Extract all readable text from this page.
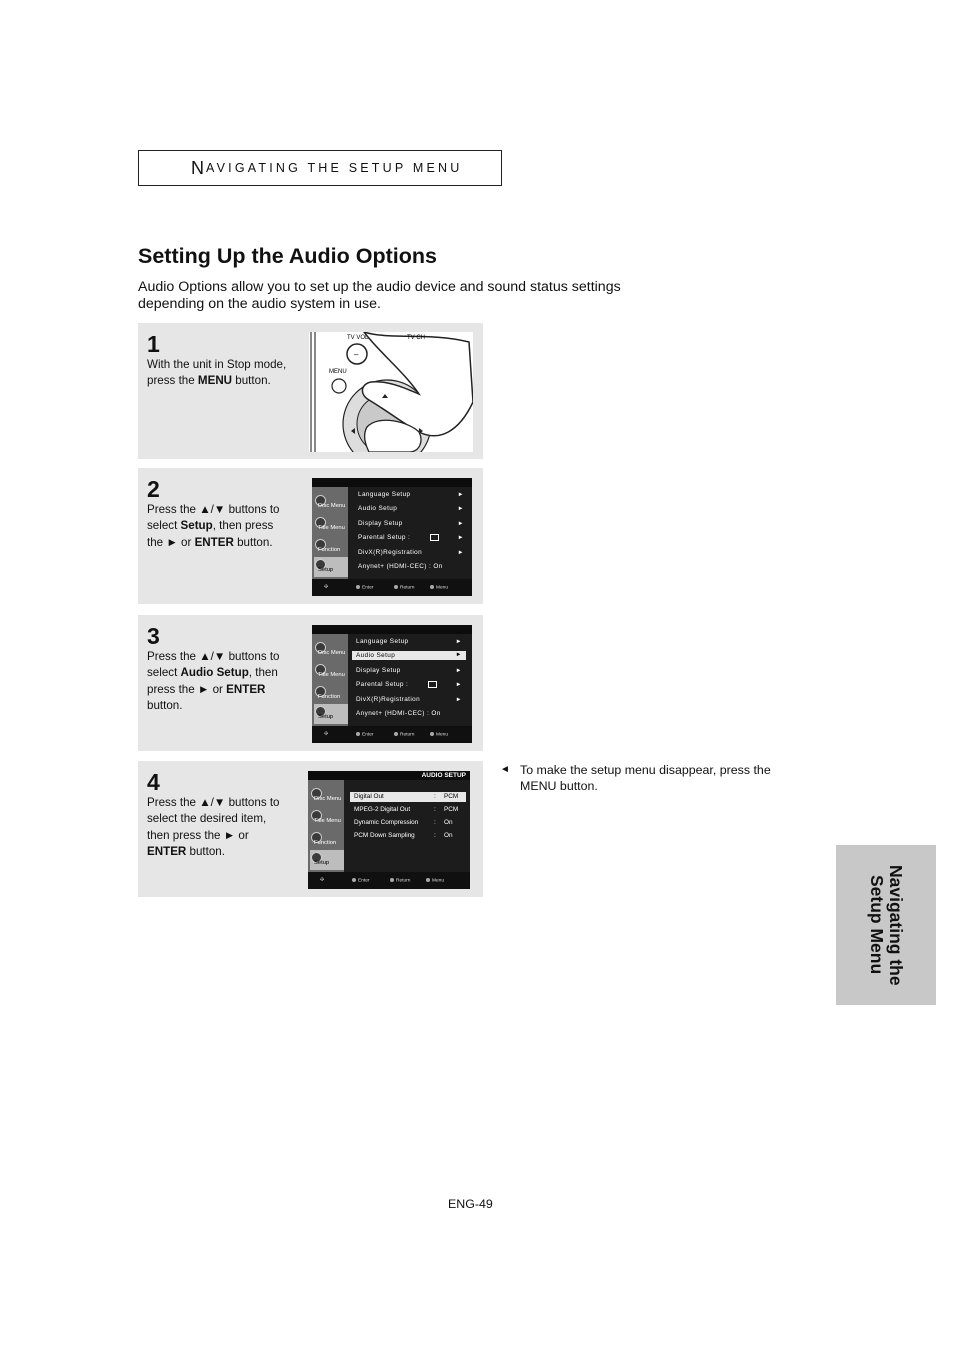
N AVIGATING THE SETUP MENU
Setting Up the Audio Options

Audio Options allow you to set up the audio device and sound status settings depending on the audio system in use.

1
With the unit in Stop mode, press the MENU button.
TV VOL	TV CH
–
MENU
2
Press the ▲/▼ buttons to select Setup, then press the ► or ENTER button.
Disc Menu
Title Menu
Function
Setup
Language Setup	►
Audio Setup	►
Display Setup	►
Parental Setup :	►
DivX(R)Registration	►
Anynet+ (HDMI-CEC) : On
✣	Enter	Return	Menu
3
Press the ▲/▼ buttons to select Audio Setup, then press the ► or ENTER button.
Disc Menu
Title Menu
Function
Setup
Language Setup	►
Audio Setup	►
Display Setup	►
Parental Setup :	►
DivX(R)Registration	►
Anynet+ (HDMI-CEC) : On
✣	Enter	Return	Menu
4
Press the ▲/▼ buttons to select the desired item, then press the ► or ENTER button.
AUDIO SETUP
Disc Menu
Title Menu
Function
Setup
Digital Out	: PCM
MPEG-2 Digital Out	: PCM
Dynamic Compression : On
PCM Down Sampling	: On
✣	Enter	Return	Menu
◄ To make the setup menu disappear, press the MENU button.
Navigating the
Setup Menu
ENG-49
